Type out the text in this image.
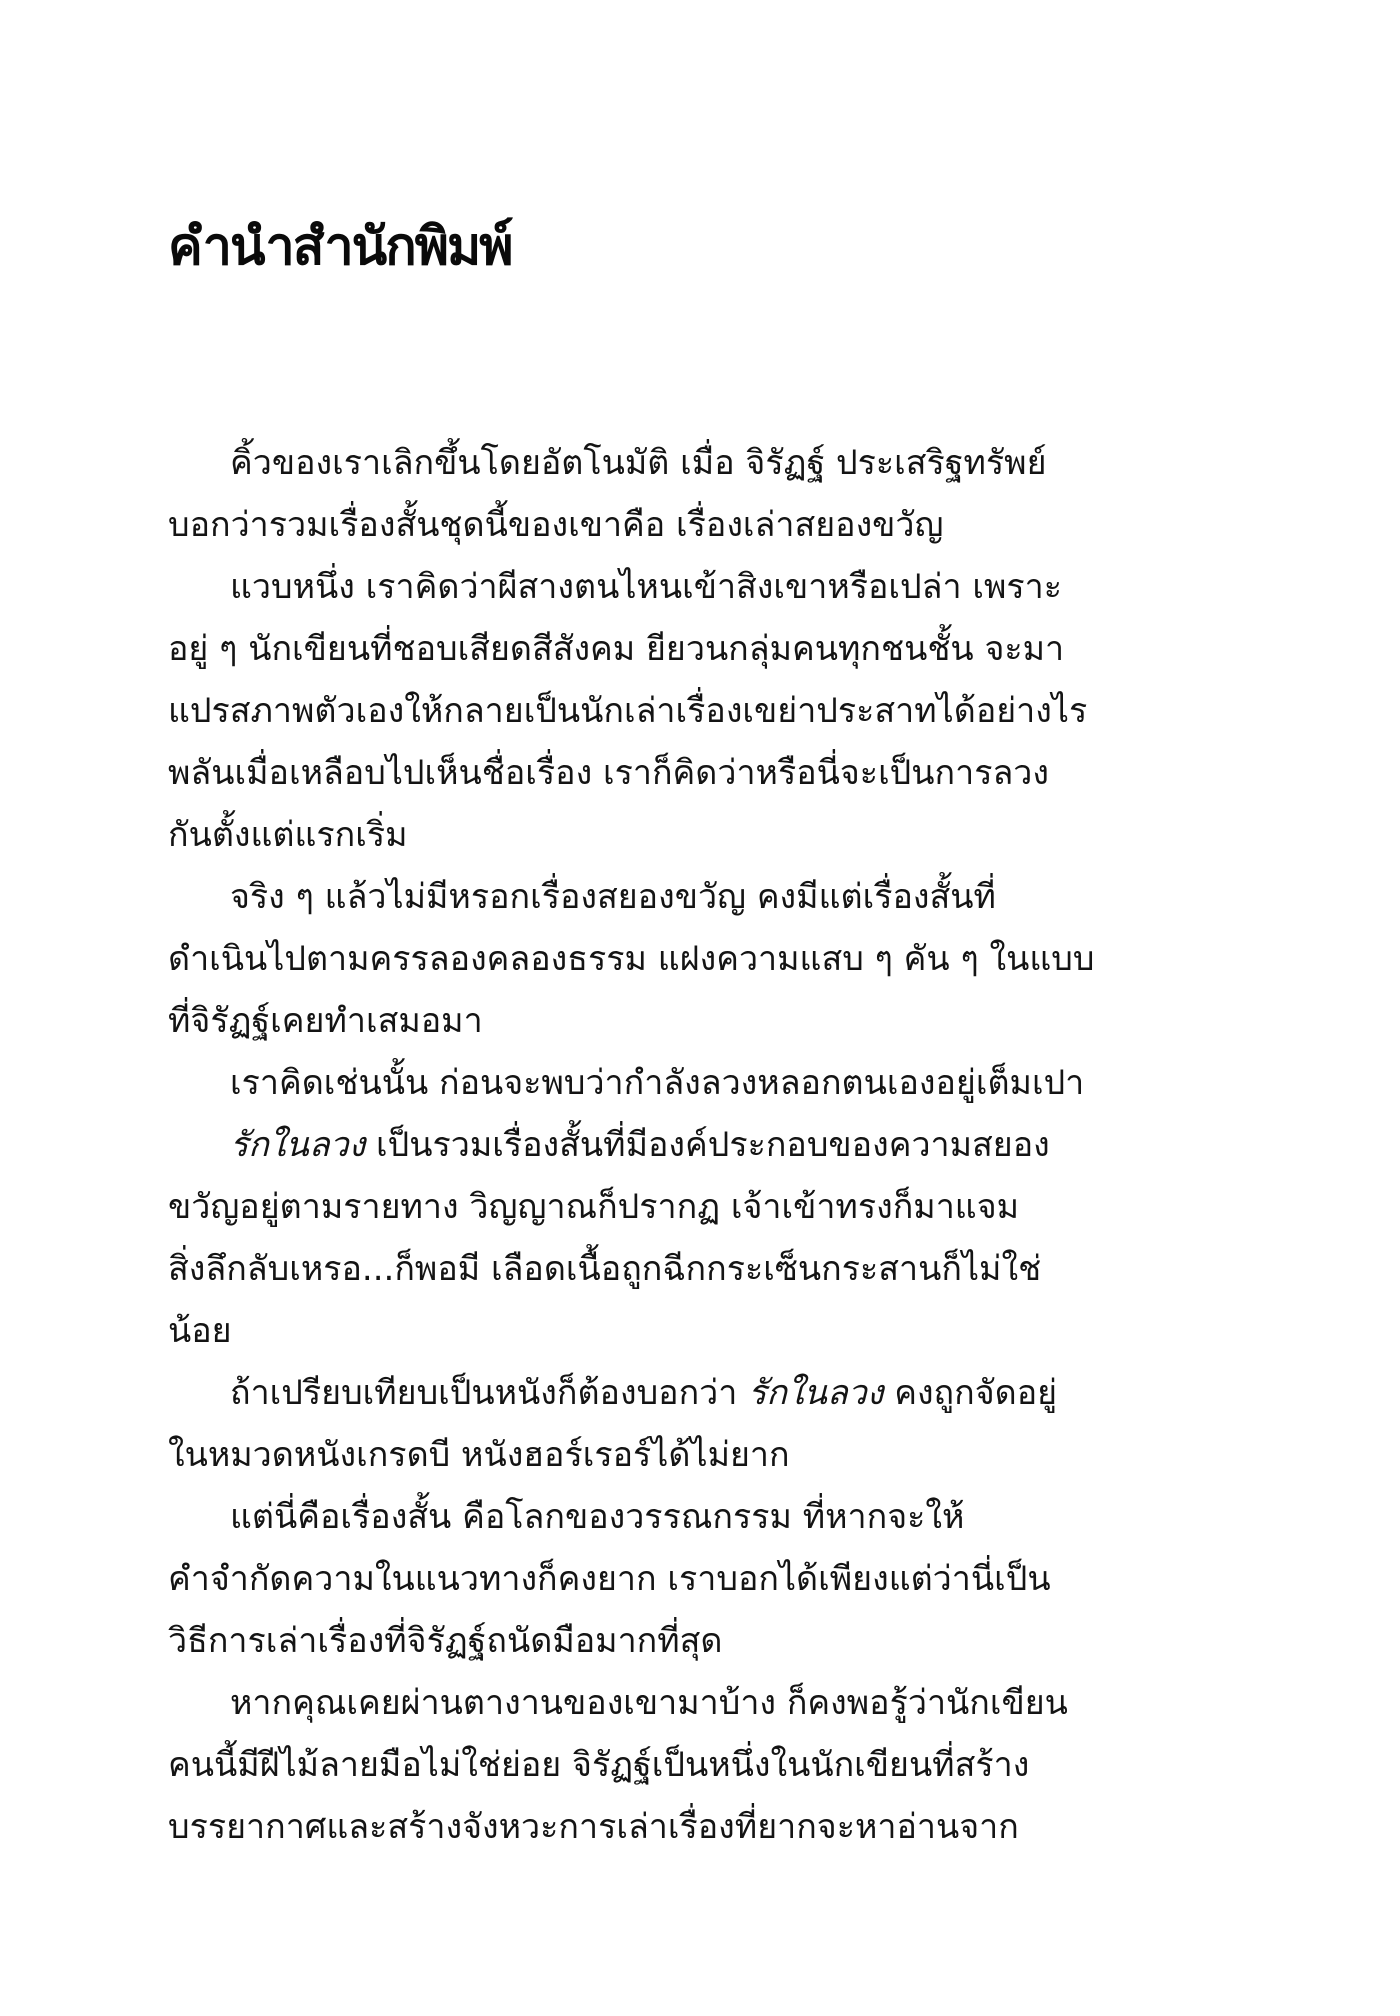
คำนำสำนักพิมพ์
คิ้วของเราเลิกขึ้นโดยอัตโนมัติ เมื่อ จิรัฏฐ์ ประเสริฐทรัพย์
บอกว่ารวมเรื่องสั้นชุดนี้ของเขาคือ เรื่องเล่าสยองขวัญ
แวบหนึ่ง เราคิดว่าผีสางตนไหนเข้าสิงเขาหรือเปล่า เพราะ
อยู่ ๆ นักเขียนที่ชอบเสียดสีสังคม ยียวนกลุ่มคนทุกชนชั้น จะมา
แปรสภาพตัวเองให้กลายเป็นนักเล่าเรื่องเขย่าประสาทได้อย่างไร
พลันเมื่อเหลือบไปเห็นชื่อเรื่อง เราก็คิดว่าหรือนี่จะเป็นการลวง
กันตั้งแต่แรกเริ่ม
จริง ๆ แล้วไม่มีหรอกเรื่องสยองขวัญ คงมีแต่เรื่องสั้นที่
ดำเนินไปตามครรลองคลองธรรม แฝงความแสบ ๆ คัน ๆ ในแบบ
ที่จิรัฏฐ์เคยทำเสมอมา
เราคิดเช่นนั้น ก่อนจะพบว่ากำลังลวงหลอกตนเองอยู่เต็มเปา
รักในลวง เป็นรวมเรื่องสั้นที่มีองค์ประกอบของความสยอง
ขวัญอยู่ตามรายทาง วิญญาณก็ปรากฏ เจ้าเข้าทรงก็มาแจม
สิ่งลึกลับเหรอ...ก็พอมี เลือดเนื้อถูกฉีกกระเซ็นกระสานก็ไม่ใช่
น้อย
ถ้าเปรียบเทียบเป็นหนังก็ต้องบอกว่า รักในลวง คงถูกจัดอยู่
ในหมวดหนังเกรดบี หนังฮอร์เรอร์ได้ไม่ยาก
แต่นี่คือเรื่องสั้น คือโลกของวรรณกรรม ที่หากจะให้
คำจำกัดความในแนวทางก็คงยาก เราบอกได้เพียงแต่ว่านี่เป็น
วิธีการเล่าเรื่องที่จิรัฏฐ์ถนัดมือมากที่สุด
หากคุณเคยผ่านตางานของเขามาบ้าง ก็คงพอรู้ว่านักเขียน
คนนี้มีฝีไม้ลายมือไม่ใช่ย่อย จิรัฏฐ์เป็นหนึ่งในนักเขียนที่สร้าง
บรรยากาศและสร้างจังหวะการเล่าเรื่องที่ยากจะหาอ่านจาก
